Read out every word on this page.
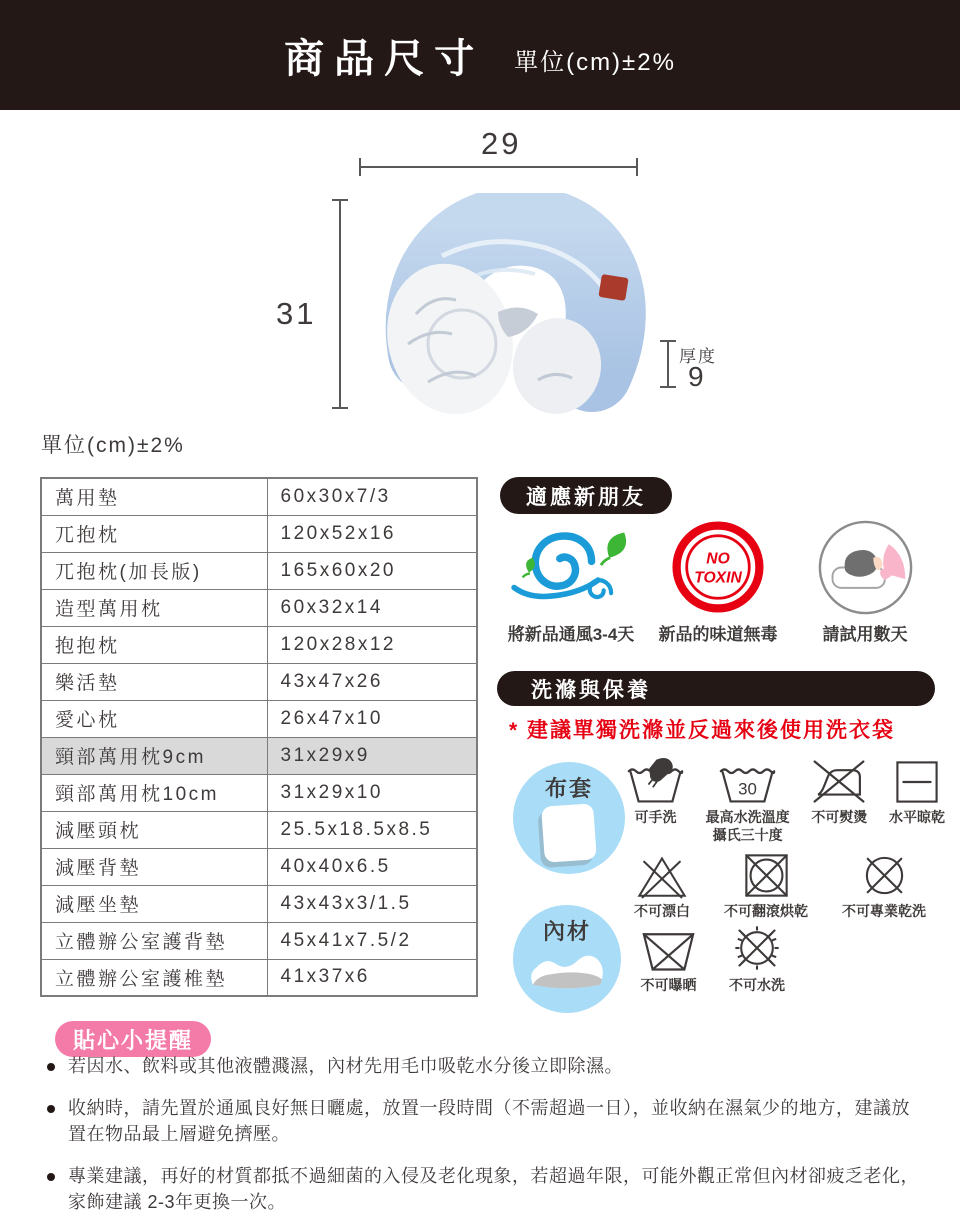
商品尺寸 單位(cm)±2%
29
31
厚度
9
單位(cm)±2%
萬用墊	60x30x7/3
兀抱枕	120x52x16
兀抱枕(加長版)	165x60x20
造型萬用枕	60x32x14
抱抱枕	120x28x12
樂活墊	43x47x26
愛心枕	26x47x10
頸部萬用枕9cm	31x29x9
頸部萬用枕10cm	31x29x10
減壓頭枕	25.5x18.5x8.5
減壓背墊	40x40x6.5
減壓坐墊	43x43x3/1.5
立體辦公室護背墊	45x41x7.5/2
立體辦公室護椎墊	41x37x6
適應新朋友
將新品通風3-4天
NO
TOXIN
新品的味道無毒	請試用數天
洗滌與保養
* 建議單獨洗滌並反過來後使用洗衣袋
布套
可手洗
30
最高水洗溫度
攝氏三十度
不可熨燙 水平晾乾
不可漂白 不可翻滾烘乾 不可專業乾洗
內材
不可曝晒 不可水洗
貼心小提醒
若因水、飲料或其他液體濺濕，內材先用毛巾吸乾水分後立即除濕。
收納時，請先置於通風良好無日曬處，放置一段時間（不需超過一日），並收納在濕氣少的地方，建議放置在物品最上層避免擠壓。
專業建議，再好的材質都抵不過細菌的入侵及老化現象，若超過年限，可能外觀正常但內材卻疲乏老化，家飾建議 2-3年更換一次。
